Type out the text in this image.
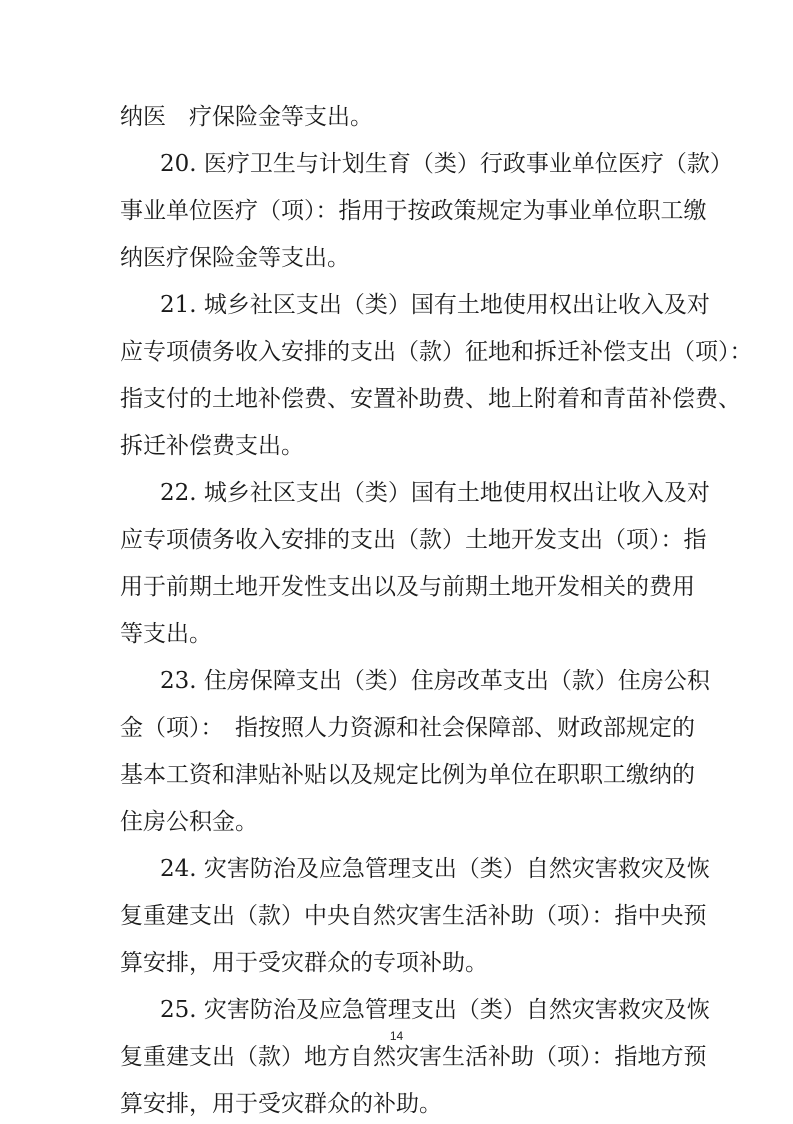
纳医　疗保险金等支出。
20. 医疗卫生与计划生育（类）行政事业单位医疗（款）
事业单位医疗（项）：指用于按政策规定为事业单位职工缴
纳医疗保险金等支出。
21. 城乡社区支出（类）国有土地使用权出让收入及对
应专项债务收入安排的支出（款）征地和拆迁补偿支出（项）：
指支付的土地补偿费、安置补助费、地上附着和青苗补偿费、
拆迁补偿费支出。
22. 城乡社区支出（类）国有土地使用权出让收入及对
应专项债务收入安排的支出（款）土地开发支出（项）：指
用于前期土地开发性支出以及与前期土地开发相关的费用
等支出。
23. 住房保障支出（类）住房改革支出（款）住房公积
金（项）：　指按照人力资源和社会保障部、财政部规定的
基本工资和津贴补贴以及规定比例为单位在职职工缴纳的
住房公积金。
24. 灾害防治及应急管理支出（类）自然灾害救灾及恢
复重建支出（款）中央自然灾害生活补助（项）：指中央预
算安排，用于受灾群众的专项补助。
25. 灾害防治及应急管理支出（类）自然灾害救灾及恢
复重建支出（款）地方自然灾害生活补助（项）：指地方预
算安排，用于受灾群众的补助。
14
